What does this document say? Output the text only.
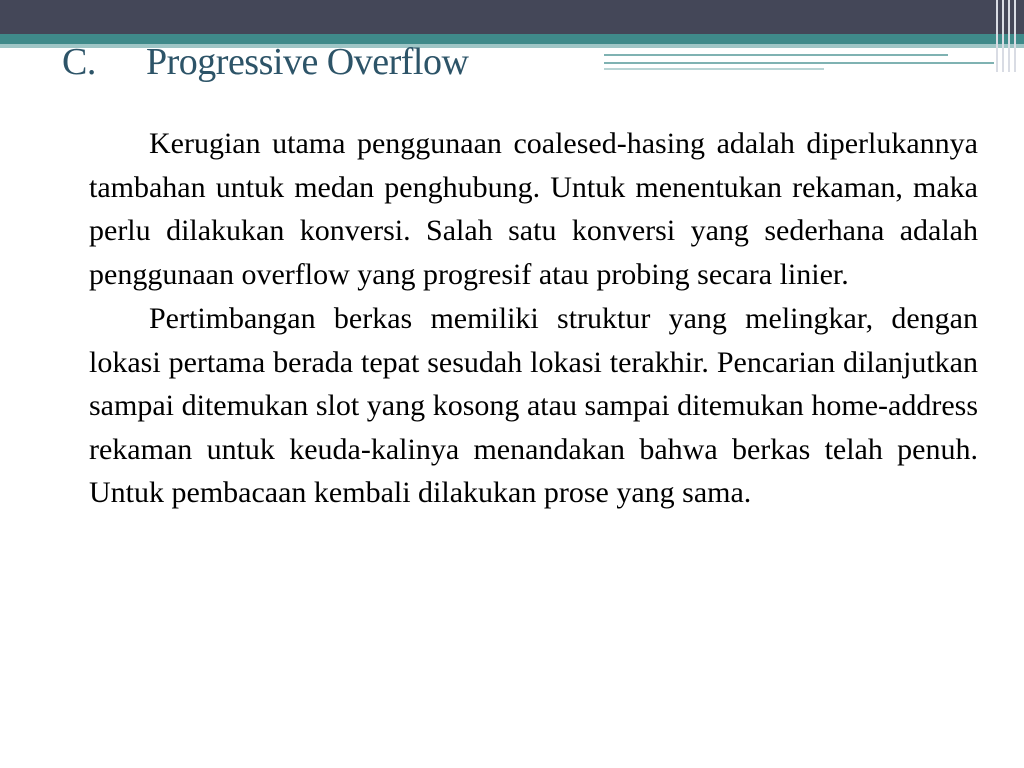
C. Progressive Overflow

Kerugian utama penggunaan coalesed-hasing adalah diperlukannya tambahan untuk medan penghubung. Untuk menentukan rekaman, maka perlu dilakukan konversi. Salah satu konversi yang sederhana adalah penggunaan overflow yang progresif atau probing secara linier.

Pertimbangan berkas memiliki struktur yang melingkar, dengan lokasi pertama berada tepat sesudah lokasi terakhir. Pencarian dilanjutkan sampai ditemukan slot yang kosong atau sampai ditemukan home-address rekaman untuk keuda-kalinya menandakan bahwa berkas telah penuh. Untuk pembacaan kembali dilakukan prose yang sama.
